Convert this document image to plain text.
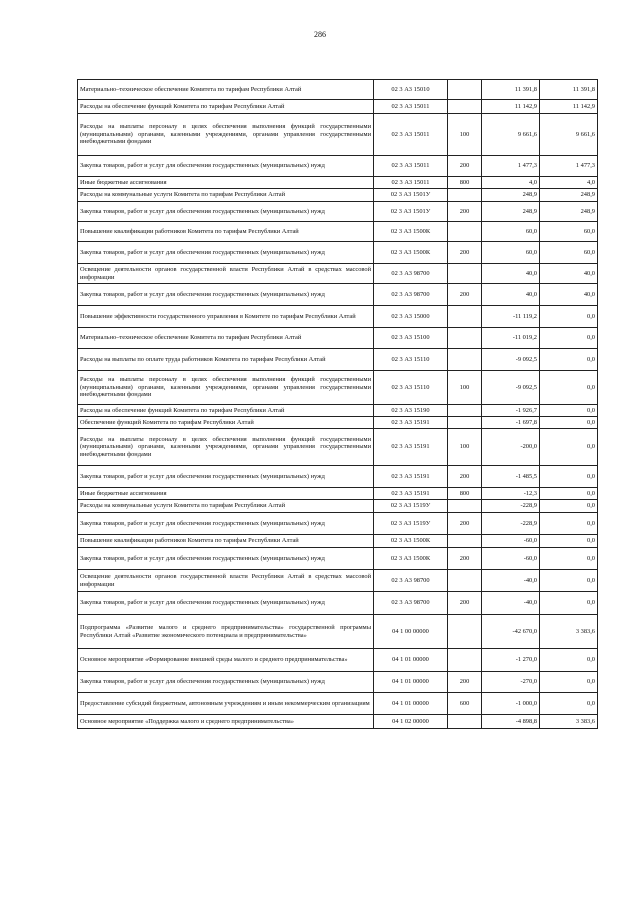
286
Материально–техническое обеспечение Комитета по тарифам Республики Алтай	02 3 А3 15010		11 391,8	11 391,8
Расходы на обеспечение функций Комитета по тарифам Республики Алтай	02 3 А3 15011		11 142,9	11 142,9
Расходы на выплаты персоналу в целях обеспечения выполнения функций государственными (муниципальными) органами, казенными учреждениями, органами управления государственными внебюджетными фондами	02 3 А3 15011	100	9 661,6	9 661,6
Закупка товаров, работ и услуг для обеспечения государственных (муниципальных) нужд	02 3 А3 15011	200	1 477,3	1 477,3
Иные бюджетные ассигнования	02 3 А3 15011	800	4,0	4,0
Расходы на коммунальные услуги Комитета по тарифам Республики Алтай	02 3 А3 1501У		248,9	248,9
Закупка товаров, работ и услуг для обеспечения государственных (муниципальных) нужд	02 3 А3 1501У	200	248,9	248,9
Повышение квалификации работников Комитета по тарифам Республики Алтай	02 3 А3 1500К		60,0	60,0
Закупка товаров, работ и услуг для обеспечения государственных (муниципальных) нужд	02 3 А3 1500К	200	60,0	60,0
Освещение деятельности органов государственной власти Республики Алтай в средствах массовой информации	02 3 А3 98700		40,0	40,0
Закупка товаров, работ и услуг для обеспечения государственных (муниципальных) нужд	02 3 А3 98700	200	40,0	40,0
Повышение эффективности государственного управления в Комитете по тарифам Республики Алтай	02 3 А3 15000		-11 119,2	0,0
Материально–техническое обеспечение Комитета по тарифам Республики Алтай	02 3 А3 15100		-11 019,2	0,0
Расходы на выплаты по оплате труда работников Комитета по тарифам Республики Алтай	02 3 А3 15110		-9 092,5	0,0
Расходы на выплаты персоналу в целях обеспечения выполнения функций государственными (муниципальными) органами, казенными учреждениями, органами управления государственными внебюджетными фондами	02 3 А3 15110	100	-9 092,5	0,0
Расходы на обеспечение функций Комитета по тарифам Республики Алтай	02 3 А3 15190		-1 926,7	0,0
Обеспечение функций Комитета по тарифам Республики Алтай	02 3 А3 15191		-1 697,8	0,0
Расходы на выплаты персоналу в целях обеспечения выполнения функций государственными (муниципальными) органами, казенными учреждениями, органами управления государственными внебюджетными фондами	02 3 А3 15191	100	-200,0	0,0
Закупка товаров, работ и услуг для обеспечения государственных (муниципальных) нужд	02 3 А3 15191	200	-1 485,5	0,0
Иные бюджетные ассигнования	02 3 А3 15191	800	-12,3	0,0
Расходы на коммунальные услуги Комитета по тарифам Республики Алтай	02 3 А3 1519У		-228,9	0,0
Закупка товаров, работ и услуг для обеспечения государственных (муниципальных) нужд	02 3 А3 1519У	200	-228,9	0,0
Повышение квалификации работников Комитета по тарифам Республики Алтай	02 3 А3 1500К		-60,0	0,0
Закупка товаров, работ и услуг для обеспечения государственных (муниципальных) нужд	02 3 А3 1500К	200	-60,0	0,0
Освещение деятельности органов государственной власти Республики Алтай в средствах массовой информации	02 3 А3 98700		-40,0	0,0
Закупка товаров, работ и услуг для обеспечения государственных (муниципальных) нужд	02 3 А3 98700	200	-40,0	0,0
Подпрограмма «Развитие малого и среднего предпринимательства» государственной программы Республики Алтай «Развитие экономического потенциала и предпринимательства»	04 1 00 00000		-42 670,0	3 383,6
Основное мероприятие «Формирование внешней среды малого и среднего предпринимательства»	04 1 01 00000		-1 270,0	0,0
Закупка товаров, работ и услуг для обеспечения государственных (муниципальных) нужд	04 1 01 00000	200	-270,0	0,0
Предоставление субсидий бюджетным, автономным учреждениям и иным некоммерческим организациям	04 1 01 00000	600	-1 000,0	0,0
Основное мероприятие «Поддержка малого и среднего предпринимательства»	04 1 02 00000		-4 898,8	3 383,6
